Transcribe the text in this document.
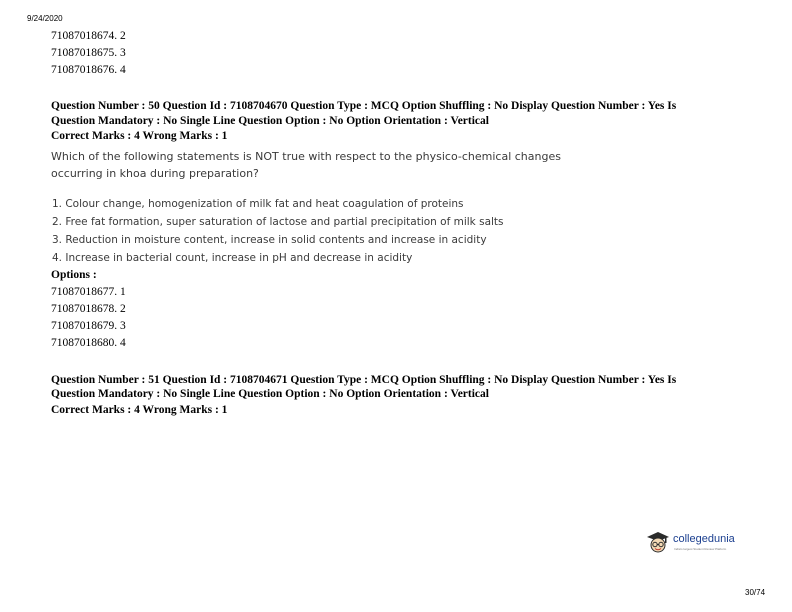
9/24/2020
71087018674. 2
71087018675. 3
71087018676. 4
Question Number : 50 Question Id : 7108704670 Question Type : MCQ Option Shuffling : No Display Question Number : Yes Is
Question Mandatory : No Single Line Question Option : No Option Orientation : Vertical
Correct Marks : 4 Wrong Marks : 1
Which of the following statements is NOT true with respect to the physico-chemical changes
occurring in khoa during preparation?
1. Colour change, homogenization of milk fat and heat coagulation of proteins
2. Free fat formation, super saturation of lactose and partial precipitation of milk salts
3. Reduction in moisture content, increase in solid contents and increase in acidity
4. Increase in bacterial count, increase in pH and decrease in acidity
Options :
71087018677. 1
71087018678. 2
71087018679. 3
71087018680. 4
Question Number : 51 Question Id : 7108704671 Question Type : MCQ Option Shuffling : No Display Question Number : Yes Is
Question Mandatory : No Single Line Question Option : No Option Orientation : Vertical
Correct Marks : 4 Wrong Marks : 1
collegedunia
India's largest Student Review Platform
30/74
